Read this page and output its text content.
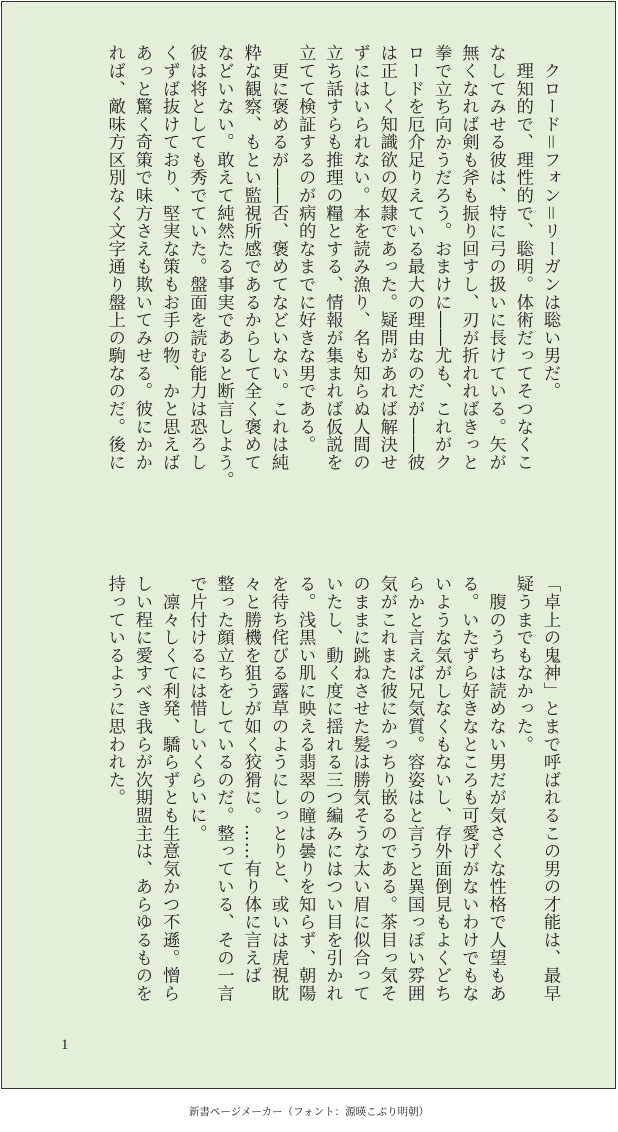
　クロード＝フォン＝リーガンは聡い男だ。
　理知的で、理性的で、聡明。体術だってそつなくこ
なしてみせる彼は、特に弓の扱いに長けている。矢が
無くなれば剣も斧も振り回すし、刃が折れればきっと
拳で立ち向かうだろう。おまけに――尤も、これがク
ロードを厄介足りえている最大の理由なのだが――彼
は正しく知識欲の奴隷であった。疑問があれば解決せ
ずにはいられない。本を読み漁り、名も知らぬ人間の
立ち話すらも推理の糧とする、情報が集まれば仮説を
立てて検証するのが病的なまでに好きな男である。
　更に褒めるが――否、褒めてなどいない。これは純
粋な観察、もとい監視所感であるからして全く褒めて
などいない。敢えて純然たる事実であると断言しよう。
彼は将としても秀でていた。盤面を読む能力は恐ろし
くずば抜けており、堅実な策もお手の物、かと思えば
あっと驚く奇策で味方さえも欺いてみせる。彼にかか
れば、敵味方区別なく文字通り盤上の駒なのだ。後に
「卓上の鬼神」とまで呼ばれるこの男の才能は、最早
疑うまでもなかった。
　腹のうちは読めない男だが気さくな性格で人望もあ
る。いたずら好きなところも可愛げがないわけでもな
いような気がしなくもないし、存外面倒見もよくどち
らかと言えば兄気質。容姿はと言うと異国っぽい雰囲
気がこれまた彼にかっちり嵌るのである。茶目っ気そ
のままに跳ねさせた髪は勝気そうな太い眉に似合って
いたし、動く度に揺れる三つ編みにはつい目を引かれ
る。浅黒い肌に映える翡翠の瞳は曇りを知らず、朝陽
を待ち侘びる露草のようにしっとりと、或いは虎視眈
々と勝機を狙うが如く狡猾に。……有り体に言えば
整った顔立ちをしているのだ。整っている、その一言
で片付けるには惜しいくらいに。
　凛々しくて利発、驕らずとも生意気かつ不遜。憎ら
しい程に愛すべき我らが次期盟主は、あらゆるものを
持っているように思われた。
1
新書ページメーカー（フォント：源暎こぶり明朝）
